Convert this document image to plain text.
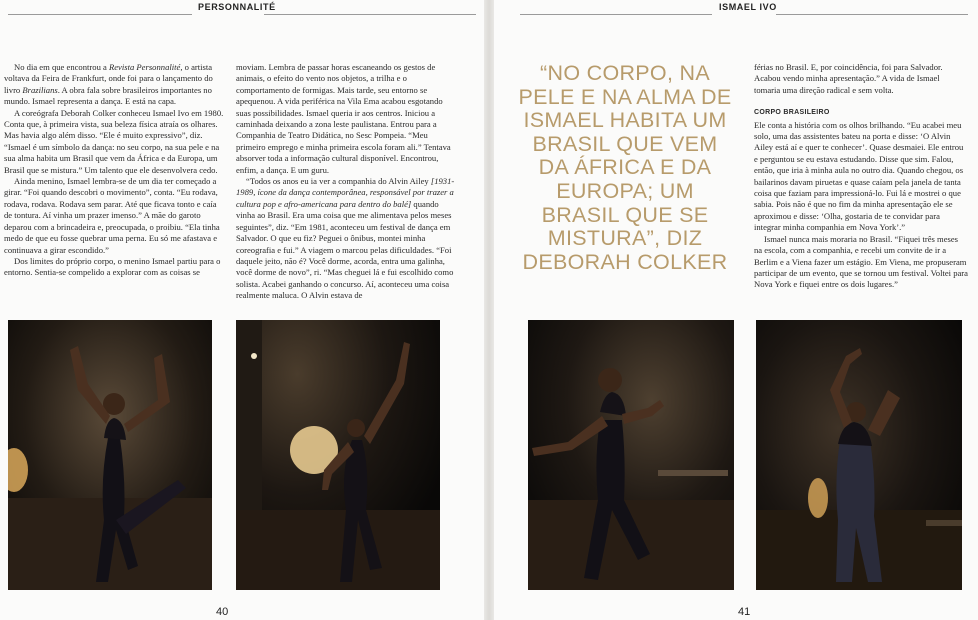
PERSONNALITÉ	ISMAEL IVO

No dia em que encontrou a Revista Personnalité, o artista voltava da Feira de Frankfurt, onde foi para o lançamento do livro Brazilians. A obra fala sobre brasileiros importantes no mundo. Ismael representa a dança. E está na capa.

A coreógrafa Deborah Colker conheceu Ismael Ivo em 1980. Conta que, à primeira vista, sua beleza física atraía os olhares. Mas havia algo além disso. “Ele é muito expressivo”, diz. “Ismael é um símbolo da dança: no seu corpo, na sua pele e na sua alma habita um Brasil que vem da África e da Europa, um Brasil que se mistura.” Um talento que ele desenvolvera cedo.

Ainda menino, Ismael lembra-se de um dia ter começado a girar. “Foi quando descobri o movimento”, conta. “Eu rodava, rodava, rodava. Rodava sem parar. Até que ficava tonto e caía de tontura. Aí vinha um prazer imenso.” A mãe do garoto deparou com a brincadeira e, preocupada, o proibiu. “Ela tinha medo de que eu fosse quebrar uma perna. Eu só me afastava e continuava a girar escondido.”

Dos limites do próprio corpo, o menino Ismael partiu para o entorno. Sentia-se compelido a explorar com as coisas se

moviam. Lembra de passar horas escaneando os gestos de animais, o efeito do vento nos objetos, a trilha e o comportamento de formigas. Mais tarde, seu entorno se apequenou. A vida periférica na Vila Ema acabou esgotando suas possibilidades. Ismael queria ir aos centros. Iniciou a caminhada deixando a zona leste paulistana. Entrou para a Companhia de Teatro Didática, no Sesc Pompeia. “Meu primeiro emprego e minha primeira escola foram ali.” Tentava absorver toda a informação cultural disponível. Encontrou, enfim, a dança. E um guru.

“Todos os anos eu ia ver a companhia do Alvin Ailey [1931-1989, ícone da dança contemporânea, responsável por trazer a cultura pop e afro-americana para dentro do balé] quando vinha ao Brasil. Era uma coisa que me alimentava pelos meses seguintes”, diz. “Em 1981, aconteceu um festival de dança em Salvador. O que eu fiz? Peguei o ônibus, montei minha coreografia e fui.” A viagem o marcou pelas dificuldades. “Foi daquele jeito, não é? Você dorme, acorda, entra uma galinha, você dorme de novo”, ri. “Mas cheguei lá e fui escolhido como solista. Acabei ganhando o concurso. Aí, aconteceu uma coisa realmente maluca. O Alvin estava de

“NO CORPO, NA PELE E NA ALMA DE ISMAEL HABITA UM BRASIL QUE VEM DA ÁFRICA E DA EUROPA; UM BRASIL QUE SE MISTURA”, DIZ DEBORAH COLKER

férias no Brasil. E, por coincidência, foi para Salvador. Acabou vendo minha apresentação.” A vida de Ismael tomaria uma direção radical e sem volta.

CORPO BRASILEIRO

Ele conta a história com os olhos brilhando. “Eu acabei meu solo, uma das assistentes bateu na porta e disse: ‘O Alvin Ailey está aí e quer te conhecer’. Quase desmaiei. Ele entrou e perguntou se eu estava estudando. Disse que sim. Falou, então, que iria à minha aula no outro dia. Quando chegou, os bailarinos davam piruetas e quase caíam pela janela de tanta coisa que faziam para impressioná-lo. Fui lá e mostrei o que sabia. Pois não é que no fim da minha apresentação ele se aproximou e disse: ‘Olha, gostaria de te convidar para integrar minha companhia em Nova York’.”

Ismael nunca mais moraria no Brasil. “Fiquei três meses na escola, com a companhia, e recebi um convite de ir a Berlim e a Viena fazer um estágio. Em Viena, me propuseram participar de um evento, que se tornou um festival. Voltei para Nova York e fiquei entre os dois lugares.”

40	41
